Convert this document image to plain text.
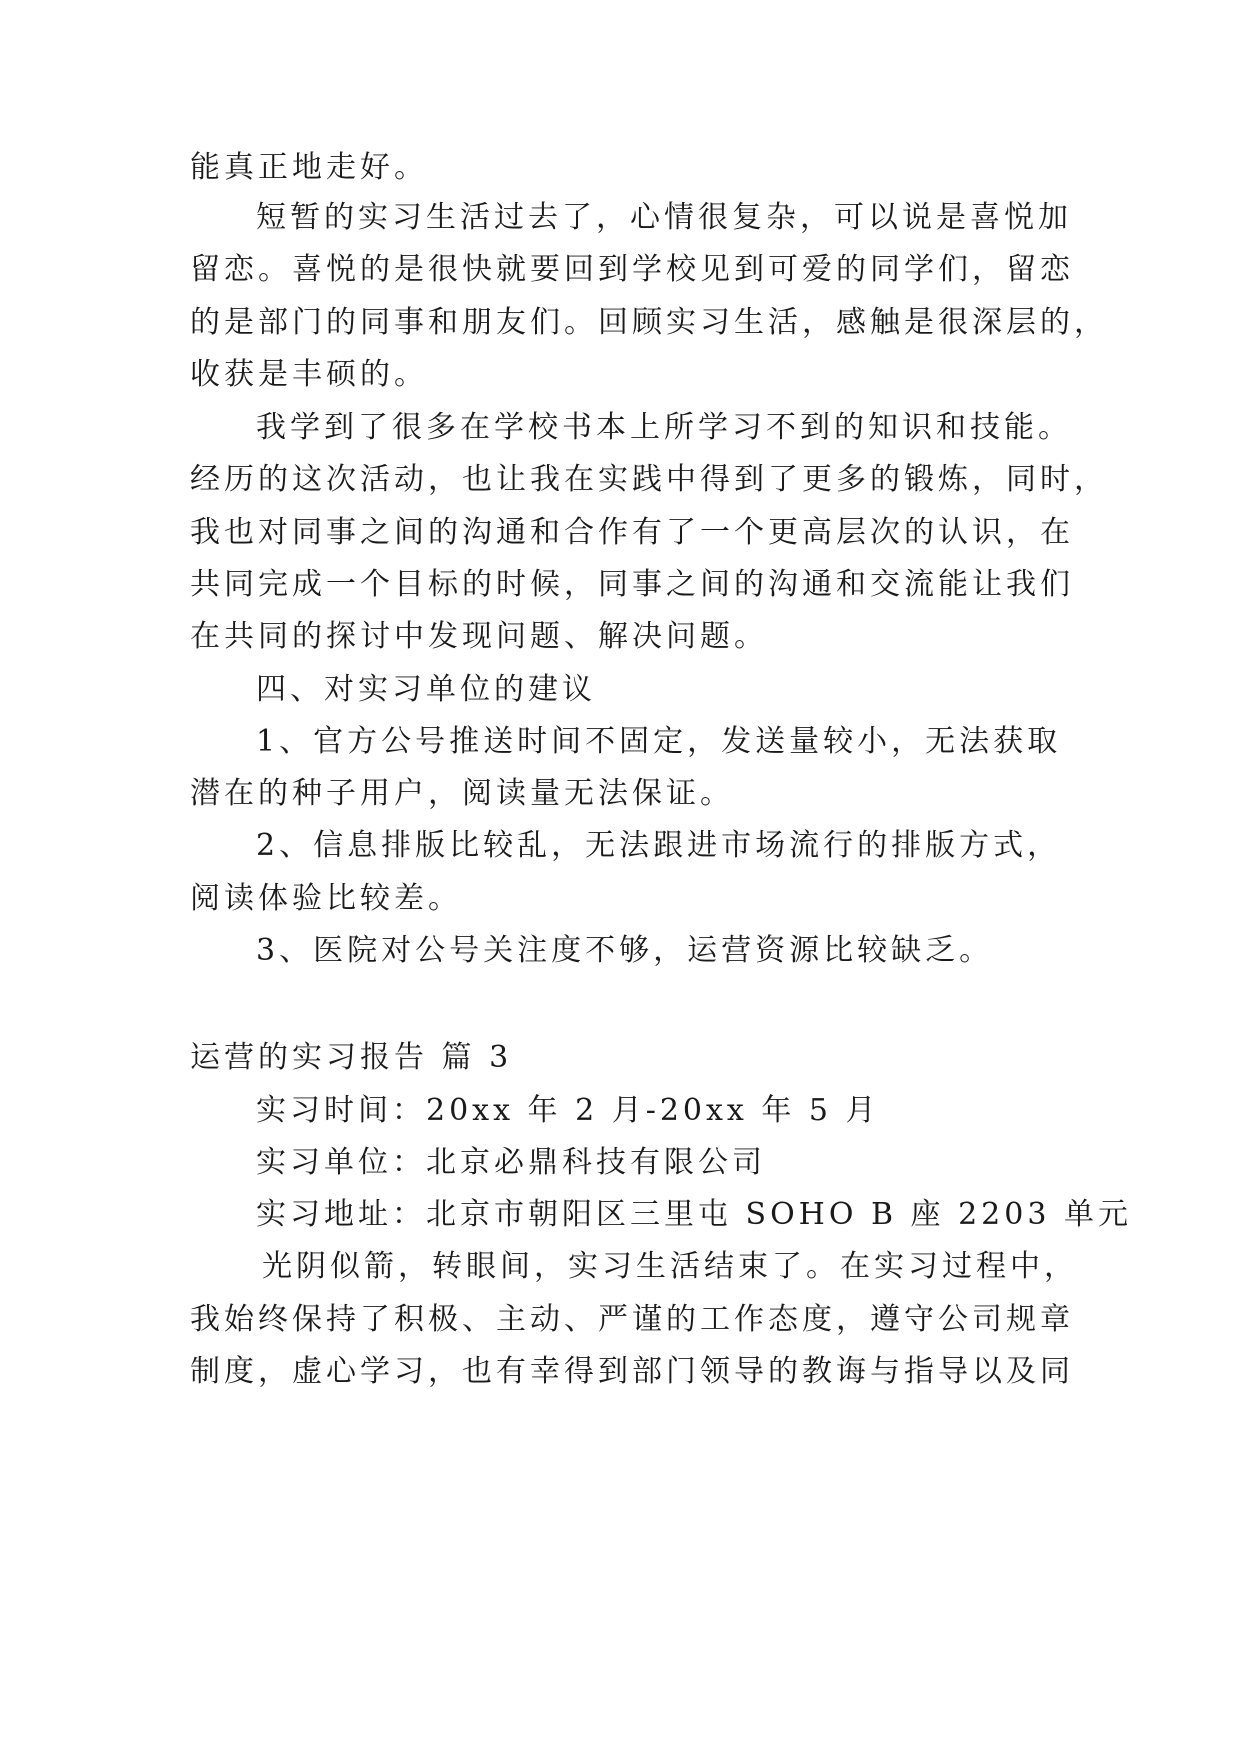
能真正地走好。
短暂的实习生活过去了，心情很复杂，可以说是喜悦加
留恋。喜悦的是很快就要回到学校见到可爱的同学们，留恋
的是部门的同事和朋友们。回顾实习生活，感触是很深层的，
收获是丰硕的。
我学到了很多在学校书本上所学习不到的知识和技能。
经历的这次活动，也让我在实践中得到了更多的锻炼，同时，
我也对同事之间的沟通和合作有了一个更高层次的认识，在
共同完成一个目标的时候，同事之间的沟通和交流能让我们
在共同的探讨中发现问题、解决问题。
四、对实习单位的建议
1、官方公号推送时间不固定，发送量较小，无法获取
潜在的种子用户，阅读量无法保证。
2、信息排版比较乱，无法跟进市场流行的排版方式，
阅读体验比较差。
3、医院对公号关注度不够，运营资源比较缺乏。
运营的实习报告 篇 3
实习时间：20xx 年 2 月-20xx 年 5 月
实习单位：北京必鼎科技有限公司
实习地址：北京市朝阳区三里屯 SOHO B 座 2203 单元
光阴似箭，转眼间，实习生活结束了。在实习过程中，
我始终保持了积极、主动、严谨的工作态度，遵守公司规章
制度，虚心学习，也有幸得到部门领导的教诲与指导以及同
